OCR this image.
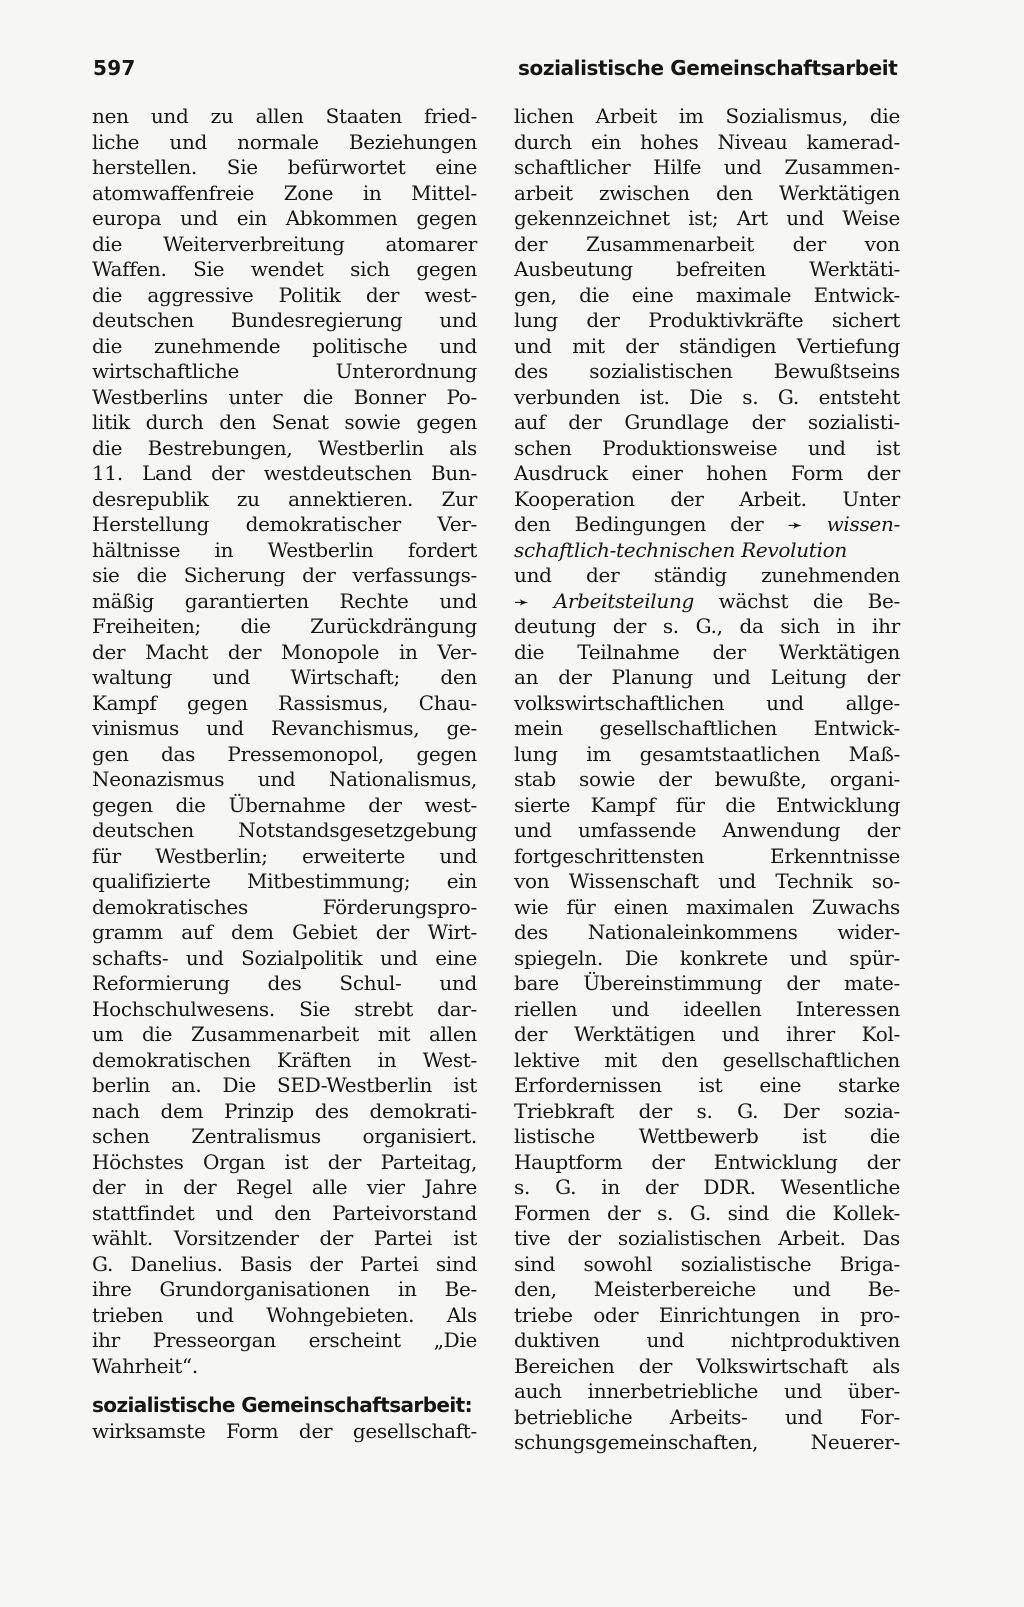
597	sozialistische Gemeinschaftsarbeit
nen und zu allen Staaten fried-
liche und normale Beziehungen
herstellen. Sie befürwortet eine
atomwaffenfreie Zone in Mittel-
europa und ein Abkommen gegen
die Weiterverbreitung atomarer
Waffen. Sie wendet sich gegen
die aggressive Politik der west-
deutschen Bundesregierung und
die zunehmende politische und
wirtschaftliche Unterordnung
Westberlins unter die Bonner Po-
litik durch den Senat sowie gegen
die Bestrebungen, Westberlin als
11. Land der westdeutschen Bun-
desrepublik zu annektieren. Zur
Herstellung demokratischer Ver-
hältnisse in Westberlin fordert
sie die Sicherung der verfassungs-
mäßig garantierten Rechte und
Freiheiten; die Zurückdrängung
der Macht der Monopole in Ver-
waltung und Wirtschaft; den
Kampf gegen Rassismus, Chau-
vinismus und Revanchismus, ge-
gen das Pressemonopol, gegen
Neonazismus und Nationalismus,
gegen die Übernahme der west-
deutschen Notstandsgesetzgebung
für Westberlin; erweiterte und
qualifizierte Mitbestimmung; ein
demokratisches Förderungspro-
gramm auf dem Gebiet der Wirt-
schafts- und Sozialpolitik und eine
Reformierung des Schul- und
Hochschulwesens. Sie strebt dar-
um die Zusammenarbeit mit allen
demokratischen Kräften in West-
berlin an. Die SED-Westberlin ist
nach dem Prinzip des demokrati-
schen Zentralismus organisiert.
Höchstes Organ ist der Parteitag,
der in der Regel alle vier Jahre
stattfindet und den Parteivorstand
wählt. Vorsitzender der Partei ist
G. Danelius. Basis der Partei sind
ihre Grundorganisationen in Be-
trieben und Wohngebieten. Als
ihr Presseorgan erscheint „Die
Wahrheit“.
sozialistische Gemeinschaftsarbeit:
wirksamste Form der gesellschaft-
lichen Arbeit im Sozialismus, die
durch ein hohes Niveau kamerad-
schaftlicher Hilfe und Zusammen-
arbeit zwischen den Werktätigen
gekennzeichnet ist; Art und Weise
der Zusammenarbeit der von
Ausbeutung befreiten Werktäti-
gen, die eine maximale Entwick-
lung der Produktivkräfte sichert
und mit der ständigen Vertiefung
des sozialistischen Bewußtseins
verbunden ist. Die s. G. entsteht
auf der Grundlage der sozialisti-
schen Produktionsweise und ist
Ausdruck einer hohen Form der
Kooperation der Arbeit. Unter
den Bedingungen der ➛ wissen-
schaftlich-technischen Revolution
und der ständig zunehmenden
➛ Arbeitsteilung wächst die Be-
deutung der s. G., da sich in ihr
die Teilnahme der Werktätigen
an der Planung und Leitung der
volkswirtschaftlichen und allge-
mein gesellschaftlichen Entwick-
lung im gesamtstaatlichen Maß-
stab sowie der bewußte, organi-
sierte Kampf für die Entwicklung
und umfassende Anwendung der
fortgeschrittensten Erkenntnisse
von Wissenschaft und Technik so-
wie für einen maximalen Zuwachs
des Nationaleinkommens wider-
spiegeln. Die konkrete und spür-
bare Übereinstimmung der mate-
riellen und ideellen Interessen
der Werktätigen und ihrer Kol-
lektive mit den gesellschaftlichen
Erfordernissen ist eine starke
Triebkraft der s. G. Der sozia-
listische Wettbewerb ist die
Hauptform der Entwicklung der
s. G. in der DDR. Wesentliche
Formen der s. G. sind die Kollek-
tive der sozialistischen Arbeit. Das
sind sowohl sozialistische Briga-
den, Meisterbereiche und Be-
triebe oder Einrichtungen in pro-
duktiven und nichtproduktiven
Bereichen der Volkswirtschaft als
auch innerbetriebliche und über-
betriebliche Arbeits- und For-
schungsgemeinschaften, Neuerer-
